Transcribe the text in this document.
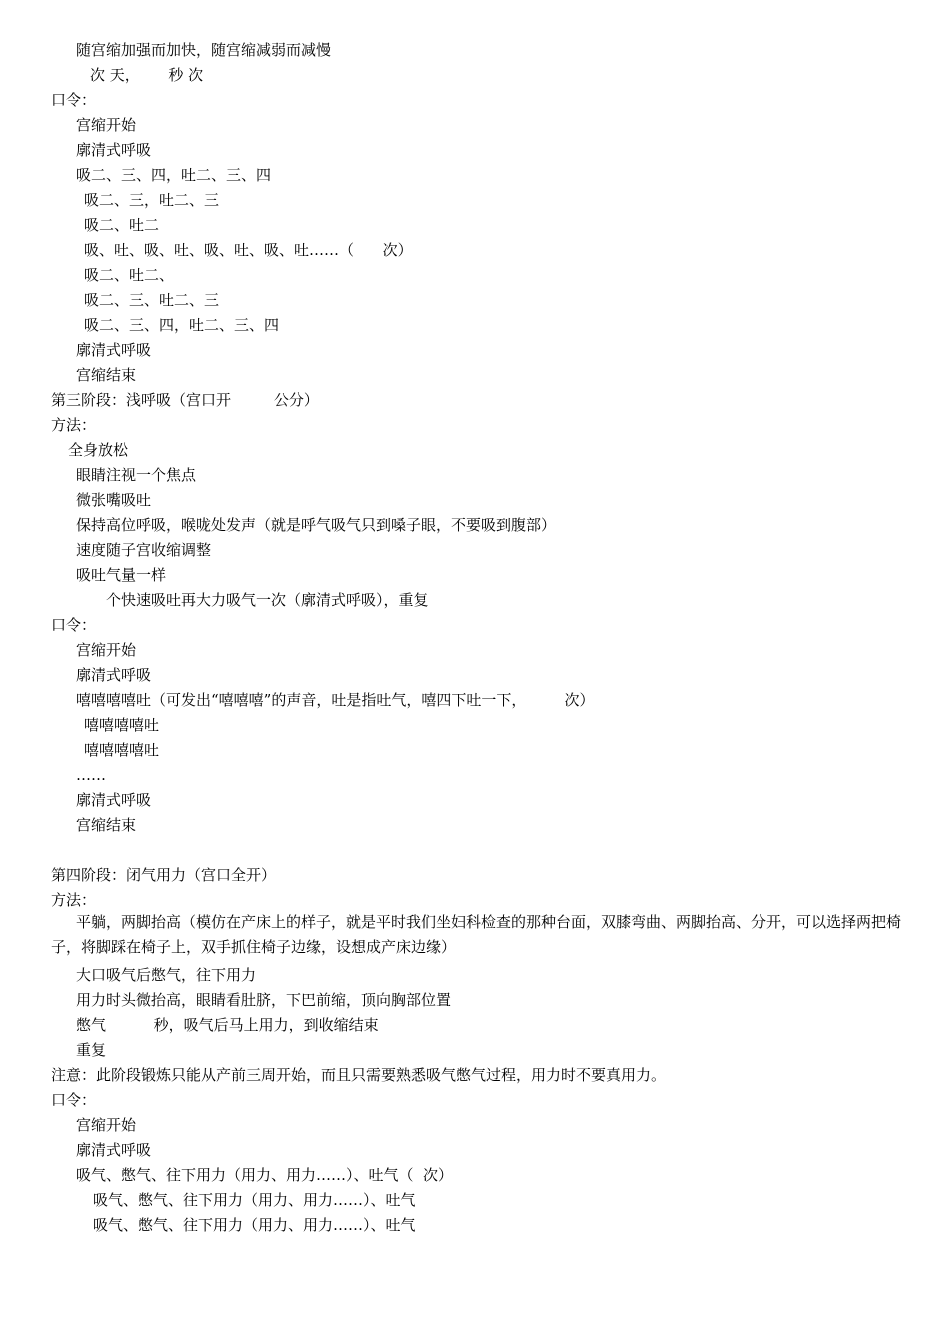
随宫缩加强而加快，随宫缩减弱而减慢
次 天，      秒 次
口令：
宫缩开始
廓清式呼吸
吸二、三、四，吐二、三、四
吸二、三，吐二、三
吸二、吐二
吸、吐、吸、吐、吸、吐、吸、吐……（      次）
吸二、吐二、
吸二、三、吐二、三
吸二、三、四，吐二、三、四
廓清式呼吸
宫缩结束
第三阶段：浅呼吸（宫口开         公分）
方法：
全身放松
眼睛注视一个焦点
微张嘴吸吐
保持高位呼吸，喉咙处发声（就是呼气吸气只到嗓子眼，不要吸到腹部）
速度随子宫收缩调整
吸吐气量一样
个快速吸吐再大力吸气一次（廓清式呼吸），重复
口令：
宫缩开始
廓清式呼吸
嘻嘻嘻嘻吐（可发出“嘻嘻嘻”的声音，吐是指吐气，嘻四下吐一下，        次）
嘻嘻嘻嘻吐
嘻嘻嘻嘻吐
……
廓清式呼吸
宫缩结束
第四阶段：闭气用力（宫口全开）
方法：
平躺，两脚抬高（模仿在产床上的样子，就是平时我们坐妇科检查的那种台面，双膝弯曲、两脚抬高、分开，可以选择两把椅子，将脚踩在椅子上，双手抓住椅子边缘，设想成产床边缘）
大口吸气后憋气，往下用力
用力时头微抬高，眼睛看肚脐，下巴前缩，顶向胸部位置
憋气          秒，吸气后马上用力，到收缩结束
重复
注意：此阶段锻炼只能从产前三周开始，而且只需要熟悉吸气憋气过程，用力时不要真用力。
口令：
宫缩开始
廓清式呼吸
吸气、憋气、往下用力（用力、用力……）、吐气（  次）
吸气、憋气、往下用力（用力、用力……）、吐气
吸气、憋气、往下用力（用力、用力……）、吐气
